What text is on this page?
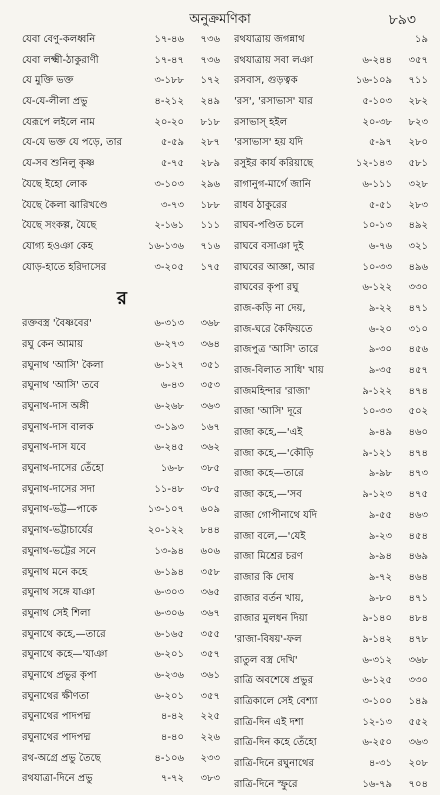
অনুক্রমণিকা	৮৯৩
যেবা বেণু-কলধ্বনি	১৭-৪৬ ৭৩৬
যেবা লক্ষ্মী-ঠাকুরাণী	১৭-৪৭ ৭৩৬
যে মুক্তি ভক্ত	৩-১৮৮ ১৭২
যে-যে-লীলা প্রভু	৪-২১২ ২৪৯
যেরূপে লইলে নাম	২০-২০ ৮১৮
যে-যে ভক্ত যে পড়ে, তার	৫-৫৯ ২৮৭
যে-সব শুনিলু কৃষ্ণ	৫-৭৫ ২৮৯
যৈছে ইহো লোক	৩-১০৩ ২৯৬
যৈছে কৈলা ঝারিখণ্ডে	৩-৭৩ ১৮৮
যৈছে সংকল্প, যৈছে	২-১৬১ ১১১
যোগ্য হওঞা কেহ	১৬-১৩৬ ৭১৬
যোড়-হাতে হরিদাসের	৩-২০৫ ১৭৫
র
রক্তবস্ত্র 'বৈষ্ণবের'	৬-৩১৩ ৩৬৮
রঘু কেন আমায়	৬-২৭৩ ৩৬৪
রঘুনাথ 'আসি' কৈলা	৬-১২৭ ৩৫১
রঘুনাথ 'আসি' তবে	৬-৪৩ ৩৫৩
রঘুনাথ-দাস অঙ্গী	৬-২৬৮ ৩৬৩
রঘুনাথ-দাস বালক	৩-১৯৩ ১৬৭
রঘুনাথ-দাস যবে	৬-২৪৫ ৩৬২
রঘুনাথ-দাসের তেঁহো	১৬-৮ ৩৮৫
রঘুনাথ-দাসের সদা	১১-৪৮ ৩৮৫
রঘুনাথ-ভট্ট—পাকে	১৩-১০৭ ৬০৯
রঘুনাথ-ভট্টাচার্যের	২০-১২২ ৮৪৪
রঘুনাথ-ভট্টের সনে	১৩-৯৪ ৬০৬
রঘুনাথ মনে কহে	৬-১৯৪ ৩৫৮
রঘুনাথ সঙ্গে যাঞা	৬-৩০৩ ৩৬৫
রঘুনাথ সেই শিলা	৬-৩০৬ ৩৬৭
রঘুনাথে কহে,—তারে	৬-১৬৫ ৩৫৫
রঘুনাথে কহে—'যাঞা	৬-২০১ ৩৫৭
রঘুনাথে প্রভুর কৃপা	৬-২৩৬ ৩৬১
রঘুনাথের ক্ষীণতা	৬-২০১ ৩৫৭
রঘুনাথের পাদপদ্ম	৪-৪২ ২২৫
রঘুনাথের পাদপদ্ম	৪-৪০ ২২৬
রথ-অগ্রে প্রভু তৈছে	৪-১০৬ ২৩৩
রথযাত্রা-দিনে প্রভু	৭-৭২ ৩৮৩
রথযাত্রায় জগন্নাথ	১৯
রথযাত্রায় সবা লঞা	৬-২৪৪ ৩৫৭
রসবাস, গুড়ত্বক	১৬-১০৯ ৭১১
'রস', 'রসাভাস' যার	৫-১০৩ ২৮২
রসাভাস্ হইল	২০-৩৮ ৮২৩
'রসাভাস' হয় যদি	৫-৯৭ ২৮০
রসুইর কার্য করিয়াছে	১২-১৪৩ ৫৮১
রাগানুগ-মার্গে জানি	৬-১১১ ৩২৮
রাধব ঠাকুরের	৫-৫১ ২৮৩
রাঘব-পণ্ডিত চলে	১০-১৩ ৪৯২
রাঘবে বসাঞা দুই	৬-৭৬ ৩২১
রাঘবের আজ্ঞা, আর	১০-৩৩ ৪৯৬
রাঘবের কৃপা রঘু	৬-১২২ ৩৩০
রাজ-কড়ি না দেয়,	৯-২২ ৪৭১
রাজ-ঘরে কৈফিয়তে	৬-২০ ৩১০
রাজপুত্র 'আসি' তারে	৯-৩০ ৪৫৬
রাজ-বিলাত সাধি' খায়	৯-৩৫ ৪৫৭
রাজমহিন্দার 'রাজা'	৯-১২২ ৪৭৪
রাজা 'আসি' দূরে	১০-৩৩ ৫০২
রাজা কহে,—'এই	৯-৪৯ ৪৬০
রাজা কহে,—'কৌড়ি	৯-১২১ ৪৭৪
রাজা কহে—তারে	৯-৯৮ ৪৭৩
রাজা কহে,—'সব	৯-১২৩ ৪৭৫
রাজা গোপীনাথে যদি	৯-৫৫ ৪৬৩
রাজা বলে,—'যেই	৯-২৩ ৪৫৪
রাজা মিশ্রের চরণ	৯-৯৪ ৪৬৯
রাজার কি দোষ	৯-৭২ ৪৬৪
রাজার বর্তন খায়,	৯-৮০ ৪৭১
রাজার মুলধন দিয়া	৯-১৪০ ৪৮৪
'রাজা-বিষয়'-ফল	৯-১৪২ ৪৭৮
রাতুল বস্ত্র দেখি'	৬-৩১২ ৩৬৮
রাত্রি অবশেষে প্রভুর	৬-১২৫ ৩৩০
রাত্রিকালে সেই বেশ্যা	৩-১০০ ১৪৯
রাত্রি-দিন এই দশা	১২-১৩ ৫৫২
রাত্রি-দিন কহে তেঁহো	৬-২৫০ ৩৬৩
রাত্রি-দিনে রঘুনাথের	৪-৩১ ২০৮
রাত্রি-দিনে স্ফুরে	১৬-৭৯ ৭০৪
